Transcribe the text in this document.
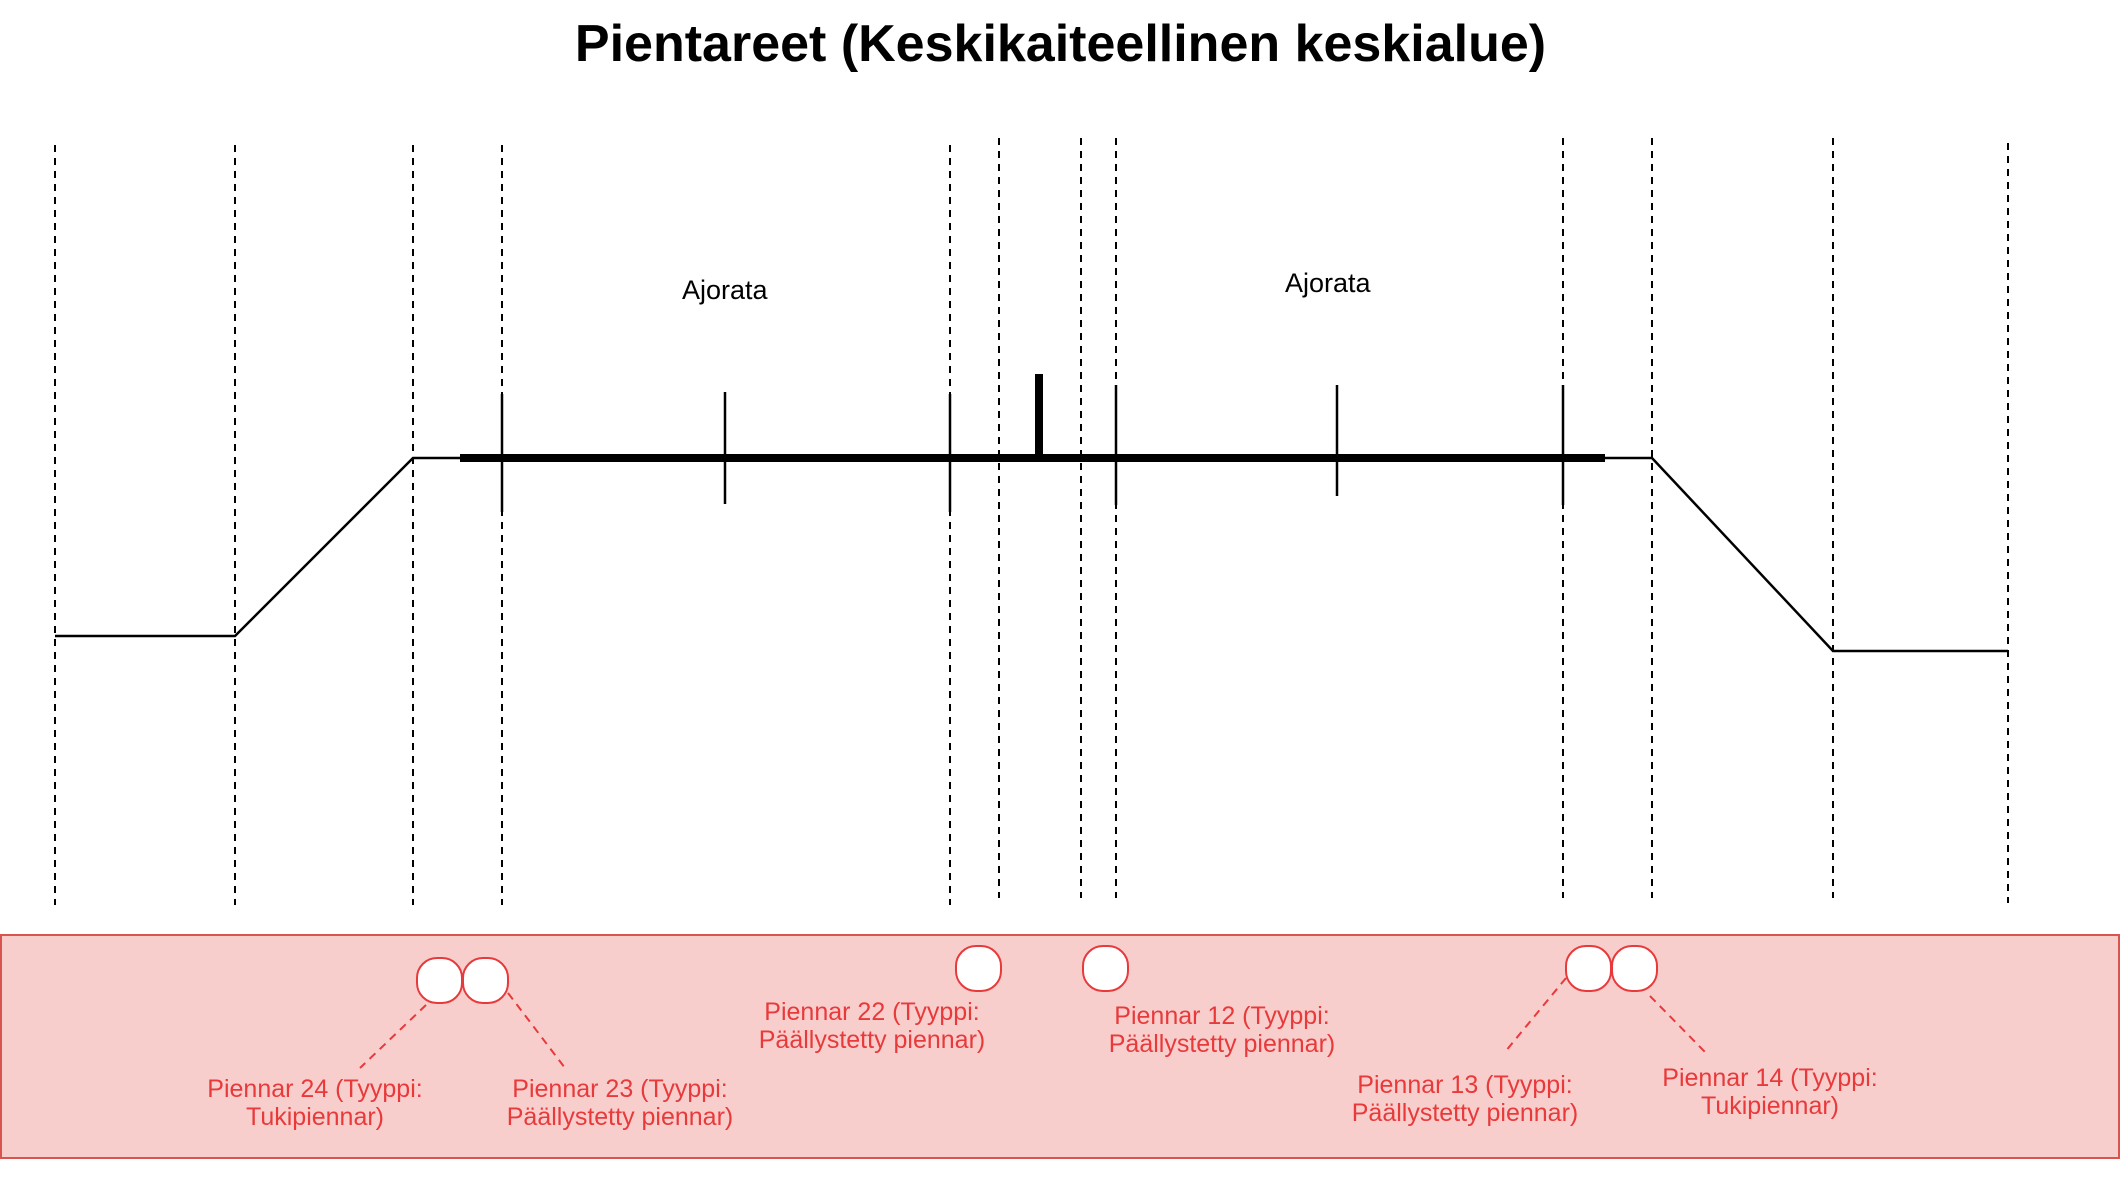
Pientareet (Keskikaiteellinen keskialue)
Ajorata	Ajorata
Piennar 24 (Tyyppi:
Tukipiennar)
Piennar 23 (Tyyppi:
Päällystetty piennar)
Piennar 22 (Tyyppi:
Päällystetty piennar)
Piennar 12 (Tyyppi:
Päällystetty piennar)
Piennar 13 (Tyyppi:
Päällystetty piennar)
Piennar 14 (Tyyppi:
Tukipiennar)
